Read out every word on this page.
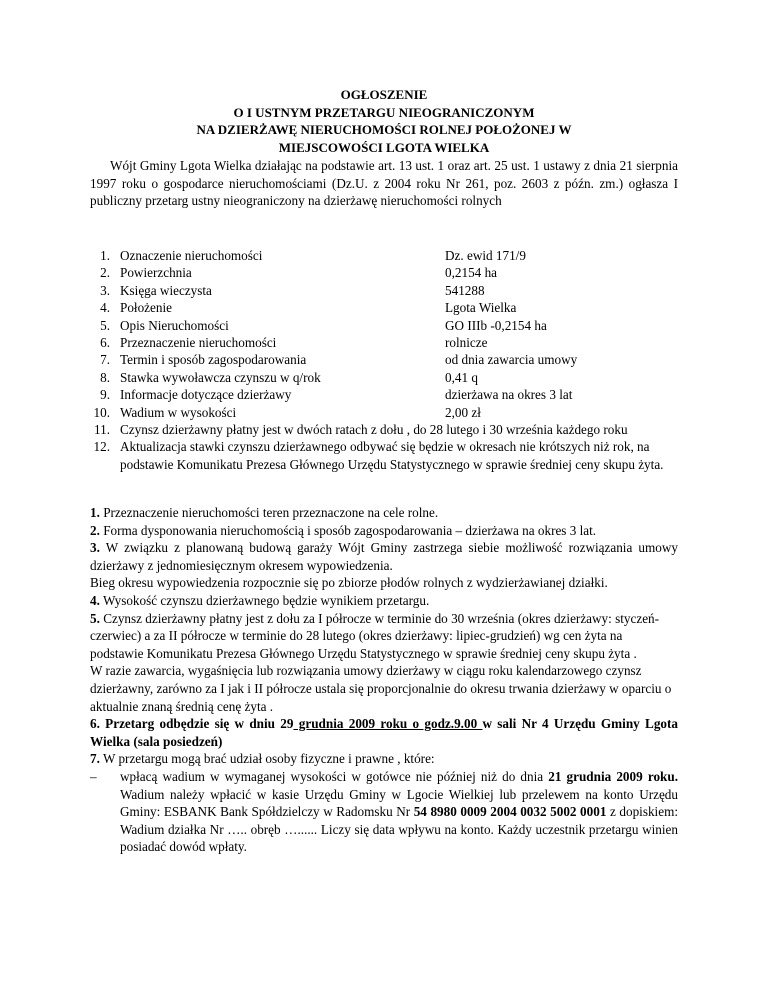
OGŁOSZENIE
O I USTNYM PRZETARGU NIEOGRANICZONYM
NA DZIERŻAWĘ NIERUCHOMOŚCI ROLNEJ POŁOŻONEJ W
MIEJSCOWOŚCI LGOTA WIELKA

Wójt Gminy Lgota Wielka działając na podstawie art. 13 ust. 1 oraz art. 25 ust. 1 ustawy z dnia 21 sierpnia 1997 roku o gospodarce nieruchomościami (Dz.U. z 2004 roku Nr 261, poz. 2603 z późn. zm.) ogłasza I publiczny przetarg ustny nieograniczony na dzierżawę nieruchomości rolnych

1. Oznaczenie nieruchomości	Dz. ewid 171/9
2. Powierzchnia	0,2154 ha
3. Księga wieczysta	541288
4. Położenie	Lgota Wielka
5. Opis Nieruchomości	GO IIIb -0,2154 ha
6. Przeznaczenie nieruchomości	rolnicze
7. Termin i sposób zagospodarowania	od dnia zawarcia umowy
8. Stawka wywoławcza czynszu w q/rok	0,41 q
9. Informacje dotyczące dzierżawy	dzierżawa na okres 3 lat
10. Wadium w wysokości	2,00 zł
11. Czynsz dzierżawny płatny jest w dwóch ratach z dołu , do 28 lutego i 30 września każdego roku
12. Aktualizacja stawki czynszu dzierżawnego odbywać się będzie w okresach nie krótszych niż rok, na podstawie Komunikatu Prezesa Głównego Urzędu Statystycznego w sprawie średniej ceny skupu żyta.

1. Przeznaczenie nieruchomości teren przeznaczone na cele rolne.

2. Forma dysponowania nieruchomością i sposób zagospodarowania – dzierżawa na okres 3 lat.

3. W związku z planowaną budową garaży Wójt Gminy zastrzega siebie możliwość rozwiązania umowy dzierżawy z jednomiesięcznym okresem wypowiedzenia.

Bieg okresu wypowiedzenia rozpocznie się po zbiorze płodów rolnych z wydzierżawianej działki.

4. Wysokość czynszu dzierżawnego będzie wynikiem przetargu.

5. Czynsz dzierżawny płatny jest z dołu za I półrocze w terminie do 30 września (okres dzierżawy: styczeń-czerwiec) a za II półrocze w terminie do 28 lutego (okres dzierżawy: lipiec-grudzień) wg cen żyta na podstawie Komunikatu Prezesa Głównego Urzędu Statystycznego w sprawie średniej ceny skupu żyta .

W razie zawarcia, wygaśnięcia lub rozwiązania umowy dzierżawy w ciągu roku kalendarzowego czynsz dzierżawny, zarówno za I jak i II półrocze ustala się proporcjonalnie do okresu trwania dzierżawy w oparciu o aktualnie znaną średnią cenę żyta .

6. Przetarg odbędzie się w dniu 29 grudnia 2009 roku o godz.9.00 w sali Nr 4 Urzędu Gminy Lgota Wielka (sala posiedzeń)

7. W przetargu mogą brać udział osoby fizyczne i prawne , które:

– wpłacą wadium w wymaganej wysokości w gotówce nie później niż do dnia 21 grudnia 2009 roku. Wadium należy wpłacić w kasie Urzędu Gminy w Lgocie Wielkiej lub przelewem na konto Urzędu Gminy: ESBANK Bank Spółdzielczy w Radomsku Nr 54 8980 0009 2004 0032 5002 0001 z dopiskiem: Wadium działka Nr ….. obręb …...... Liczy się data wpływu na konto. Każdy uczestnik przetargu winien posiadać dowód wpłaty.
